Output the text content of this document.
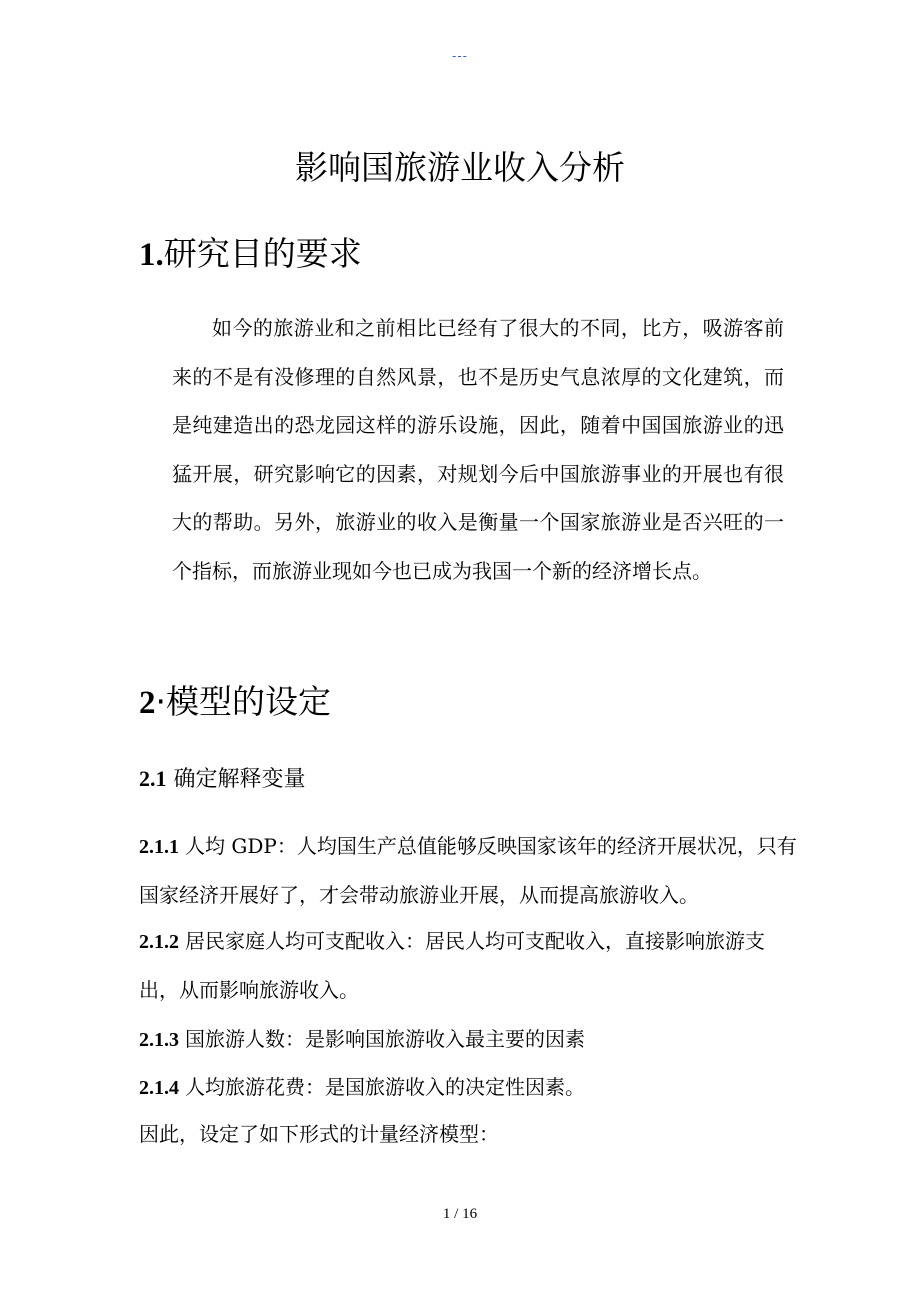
---
影响国旅游业收入分析
1.研究目的要求

如今的旅游业和之前相比已经有了很大的不同，比方，吸游客前来的不是有没修理的自然风景，也不是历史气息浓厚的文化建筑，而是纯建造出的恐龙园这样的游乐设施，因此，随着中国国旅游业的迅猛开展，研究影响它的因素，对规划今后中国旅游事业的开展也有很大的帮助。另外，旅游业的收入是衡量一个国家旅游业是否兴旺的一个指标，而旅游业现如今也已成为我国一个新的经济增长点。

2·模型的设定
2.1 确定解释变量

2.1.1 人均 GDP：人均国生产总值能够反映国家该年的经济开展状况，只有国家经济开展好了，才会带动旅游业开展，从而提高旅游收入。

2.1.2 居民家庭人均可支配收入：居民人均可支配收入，直接影响旅游支出，从而影响旅游收入。

2.1.3 国旅游人数：是影响国旅游收入最主要的因素

2.1.4 人均旅游花费：是国旅游收入的决定性因素。

因此，设定了如下形式的计量经济模型：

1 / 16
